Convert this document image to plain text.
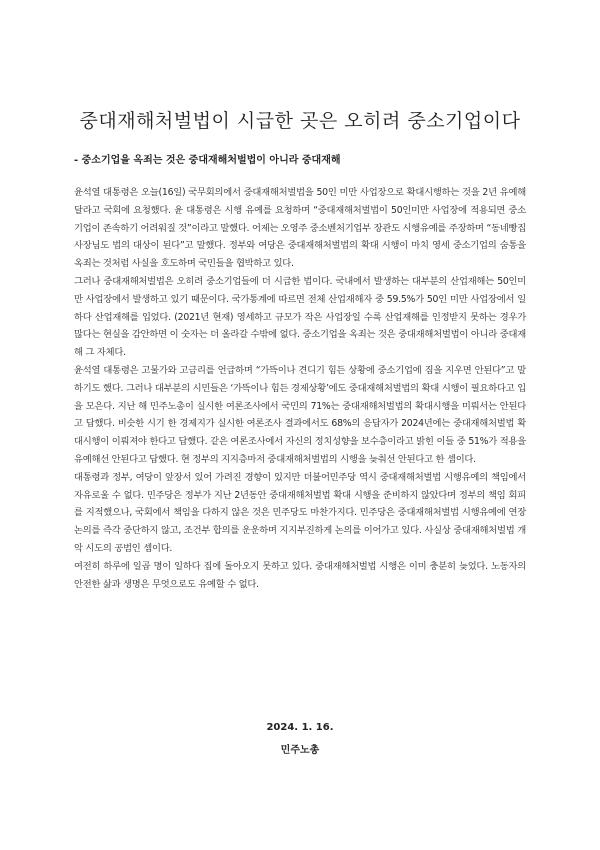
중대재해처벌법이 시급한 곳은 오히려 중소기업이다
- 중소기업을 옥죄는 것은 중대재해처벌법이 아니라 중대재해

윤석열 대통령은 오늘(16일) 국무회의에서 중대재해처벌법을 50인 미만 사업장으로 확대시행하는 것을 2년 유예해달라고 국회에 요청했다. 윤 대통령은 시행 유예를 요청하며 “중대재해처벌법이 50인미만 사업장에 적용되면 중소기업이 존속하기 어려워질 것”이라고 말했다. 어제는 오영주 중소벤처기업부 장관도 시행유예를 주장하며 “동네빵집 사장님도 법의 대상이 된다”고 말했다. 정부와 여당은 중대재해처벌법의 확대 시행이 마치 영세 중소기업의 숨통을 옥죄는 것처럼 사실을 호도하며 국민들을 협박하고 있다.

그러나 중대재해처벌법은 오히려 중소기업들에 더 시급한 법이다. 국내에서 발생하는 대부분의 산업재해는 50인미만 사업장에서 발생하고 있기 때문이다. 국가통계에 따르면 전체 산업재해자 중 59.5%가 50인 미만 사업장에서 일하다 산업재해를 입었다. (2021년 현재) 영세하고 규모가 작은 사업장일 수록 산업재해를 인정받지 못하는 경우가 많다는 현실을 감안하면 이 숫자는 더 올라갈 수밖에 없다. 중소기업을 옥죄는 것은 중대재해처벌법이 아니라 중대재해 그 자체다.

윤석열 대통령은 고물가와 고금리를 언급하며 “가뜩이나 견디기 힘든 상황에 중소기업에 짐을 지우면 안된다”고 말하기도 했다. 그러나 대부분의 시민들은 ‘가뜩이나 힘든 경제상황’에도 중대재해처벌법의 확대 시행이 필요하다고 입을 모은다. 지난 해 민주노총이 실시한 여론조사에서 국민의 71%는 중대재해처벌법의 확대시행을 미뤄서는 안된다고 답했다. 비슷한 시기 한 경제지가 실시한 여론조사 결과에서도 68%의 응답자가 2024년에는 중대재해처벌법 확대시행이 이뤄져야 한다고 답했다. 같은 여론조사에서 자신의 정치성향을 보수층이라고 밝힌 이들 중 51%가 적용을 유예해선 안된다고 답했다. 현 정부의 지지층마저 중대재해처벌법의 시행을 늦춰선 안된다고 한 셈이다.

대통령과 정부, 여당이 앞장서 있어 가려진 경향이 있지만 더불어민주당 역시 중대재해처벌법 시행유예의 책임에서 자유로울 수 없다. 민주당은 정부가 지난 2년동안 중대재해처벌법 확대 시행을 준비하지 않았다며 정부의 책임 회피를 지적했으나, 국회에서 책임을 다하지 않은 것은 민주당도 마찬가지다. 민주당은 중대재해처벌법 시행유예에 연장 논의를 즉각 중단하지 않고, 조건부 합의를 운운하며 지지부진하게 논의를 이어가고 있다. 사실상 중대재해처벌법 개악 시도의 공범인 셈이다.

여전히 하루에 일곱 명이 일하다 집에 돌아오지 못하고 있다. 중대재해처벌법 시행은 이미 충분히 늦었다. 노동자의 안전한 삶과 생명은 무엇으로도 유예할 수 없다.

2024. 1. 16.
민주노총
